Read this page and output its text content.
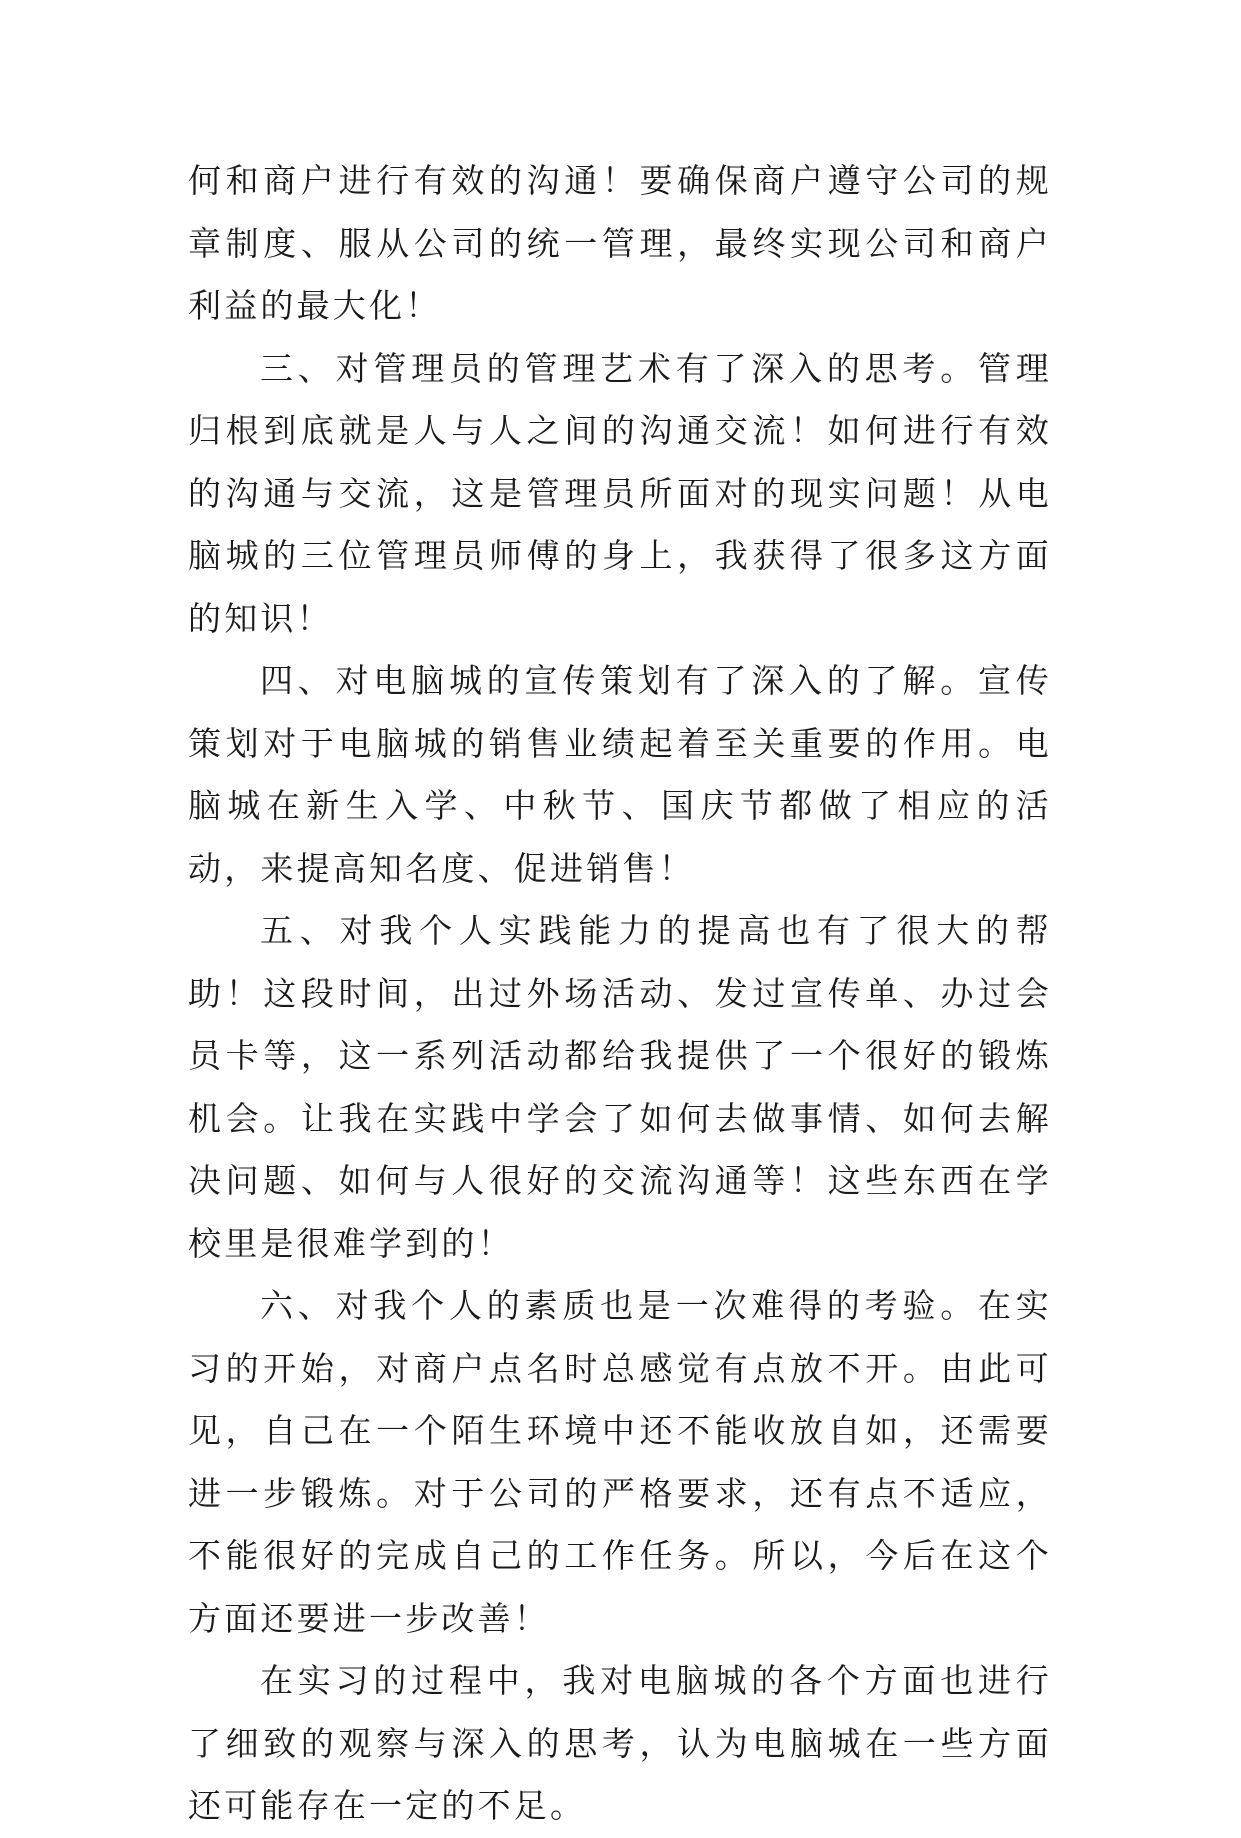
何和商户进行有效的沟通！要确保商户遵守公司的规章制度、服从公司的统一管理，最终实现公司和商户利益的最大化！

三、对管理员的管理艺术有了深入的思考。管理归根到底就是人与人之间的沟通交流！如何进行有效的沟通与交流，这是管理员所面对的现实问题！从电脑城的三位管理员师傅的身上，我获得了很多这方面的知识！

四、对电脑城的宣传策划有了深入的了解。宣传策划对于电脑城的销售业绩起着至关重要的作用。电脑城在新生入学、中秋节、国庆节都做了相应的活动，来提高知名度、促进销售！

五、对我个人实践能力的提高也有了很大的帮助！这段时间，出过外场活动、发过宣传单、办过会员卡等，这一系列活动都给我提供了一个很好的锻炼机会。让我在实践中学会了如何去做事情、如何去解决问题、如何与人很好的交流沟通等！这些东西在学校里是很难学到的！

六、对我个人的素质也是一次难得的考验。在实习的开始，对商户点名时总感觉有点放不开。由此可见，自己在一个陌生环境中还不能收放自如，还需要进一步锻炼。对于公司的严格要求，还有点不适应，不能很好的完成自己的工作任务。所以，今后在这个方面还要进一步改善！

在实习的过程中，我对电脑城的各个方面也进行了细致的观察与深入的思考，认为电脑城在一些方面还可能存在一定的不足。
